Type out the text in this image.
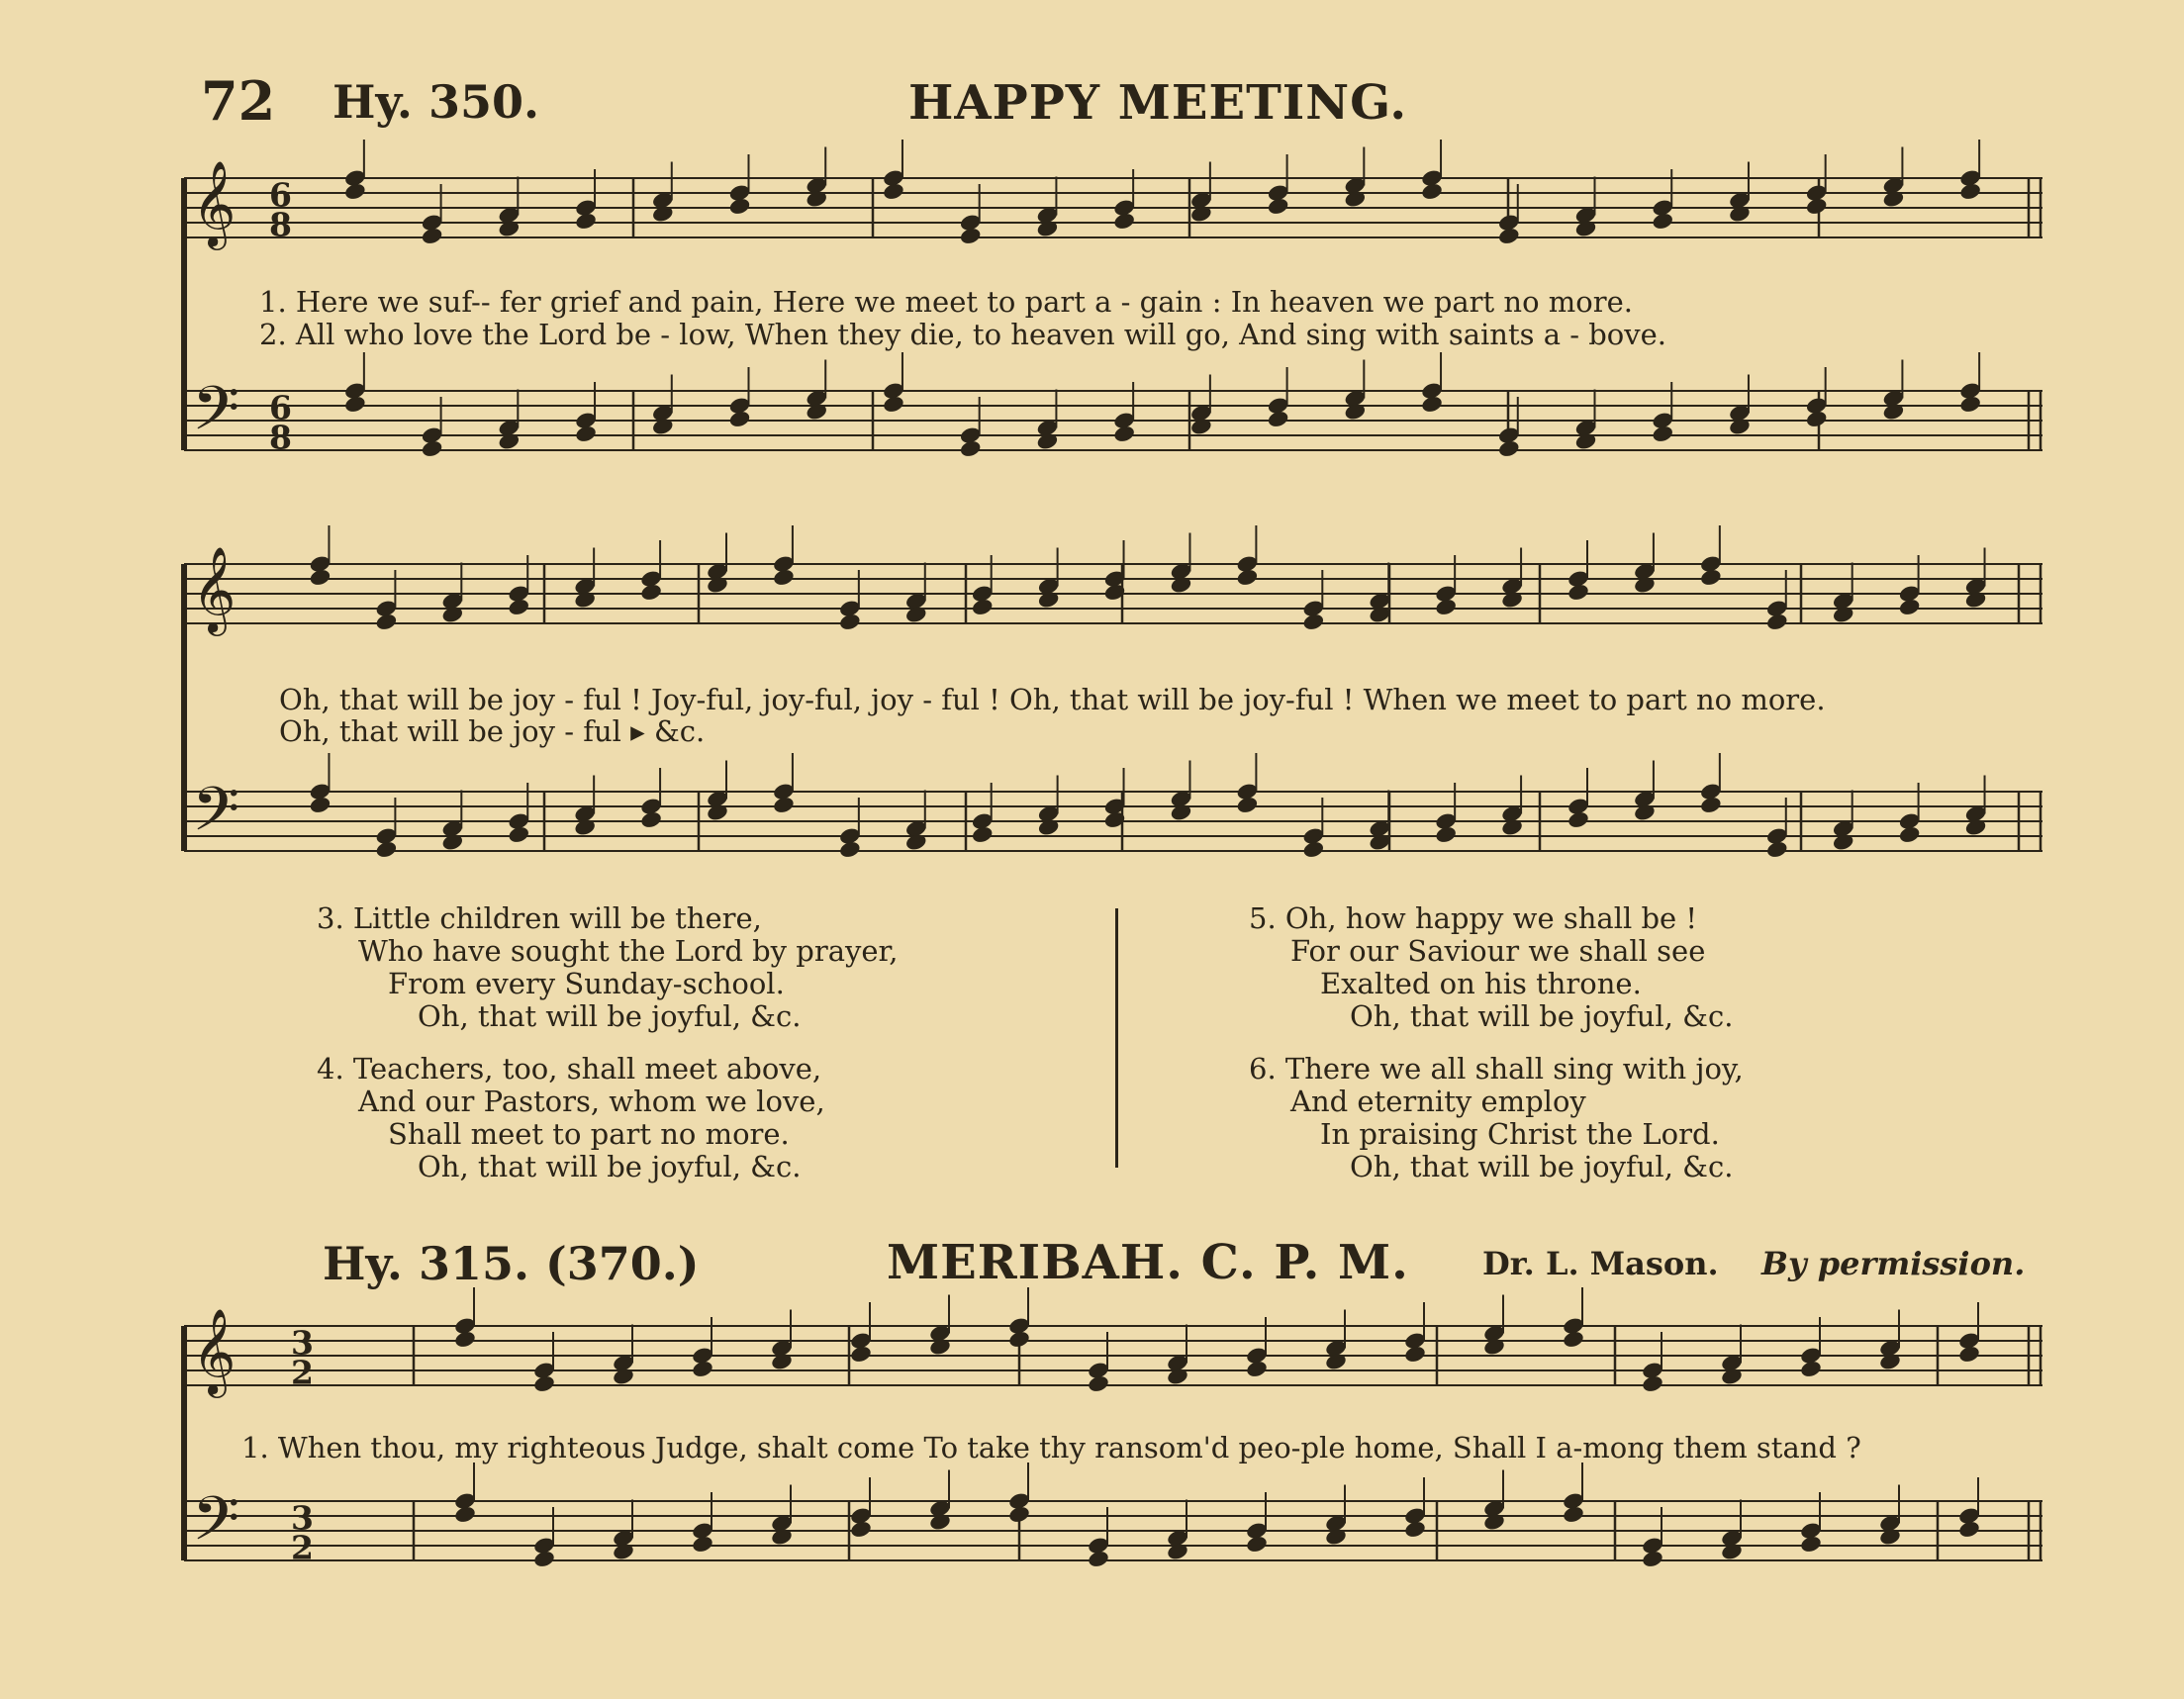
72 Hy. 350.	HAPPY MEETING.
𝄞
𝄢
6
8
6
8
𝄞
𝄢
𝄞
𝄢
3
2
3
2
1. Here we suf-- fer grief and pain, Here we meet to part a - gain : In heaven we part no more.
2. All who love the Lord be - low, When they die, to heaven will go, And sing with saints a - bove.
Oh, that will be joy - ful ! Joy-ful, joy-ful, joy - ful ! Oh, that will be joy-ful ! When we meet to part no more.
Oh, that will be joy - ful ▸ &c.
3. Little children will be there,
Who have sought the Lord by prayer,
From every Sunday-school.
Oh, that will be joyful, &c.
4. Teachers, too, shall meet above,
And our Pastors, whom we love,
Shall meet to part no more.
Oh, that will be joyful, &c.
5. Oh, how happy we shall be !
For our Saviour we shall see
Exalted on his throne.
Oh, that will be joyful, &c.
6. There we all shall sing with joy,
And eternity employ
In praising Christ the Lord.
Oh, that will be joyful, &c.
Hy. 315. (370.)	MERIBAH. C. P. M. Dr. L. Mason. By permission.
1. When thou, my righteous Judge, shalt come To take thy ransom'd peo-ple home, Shall I a-mong them stand ?
